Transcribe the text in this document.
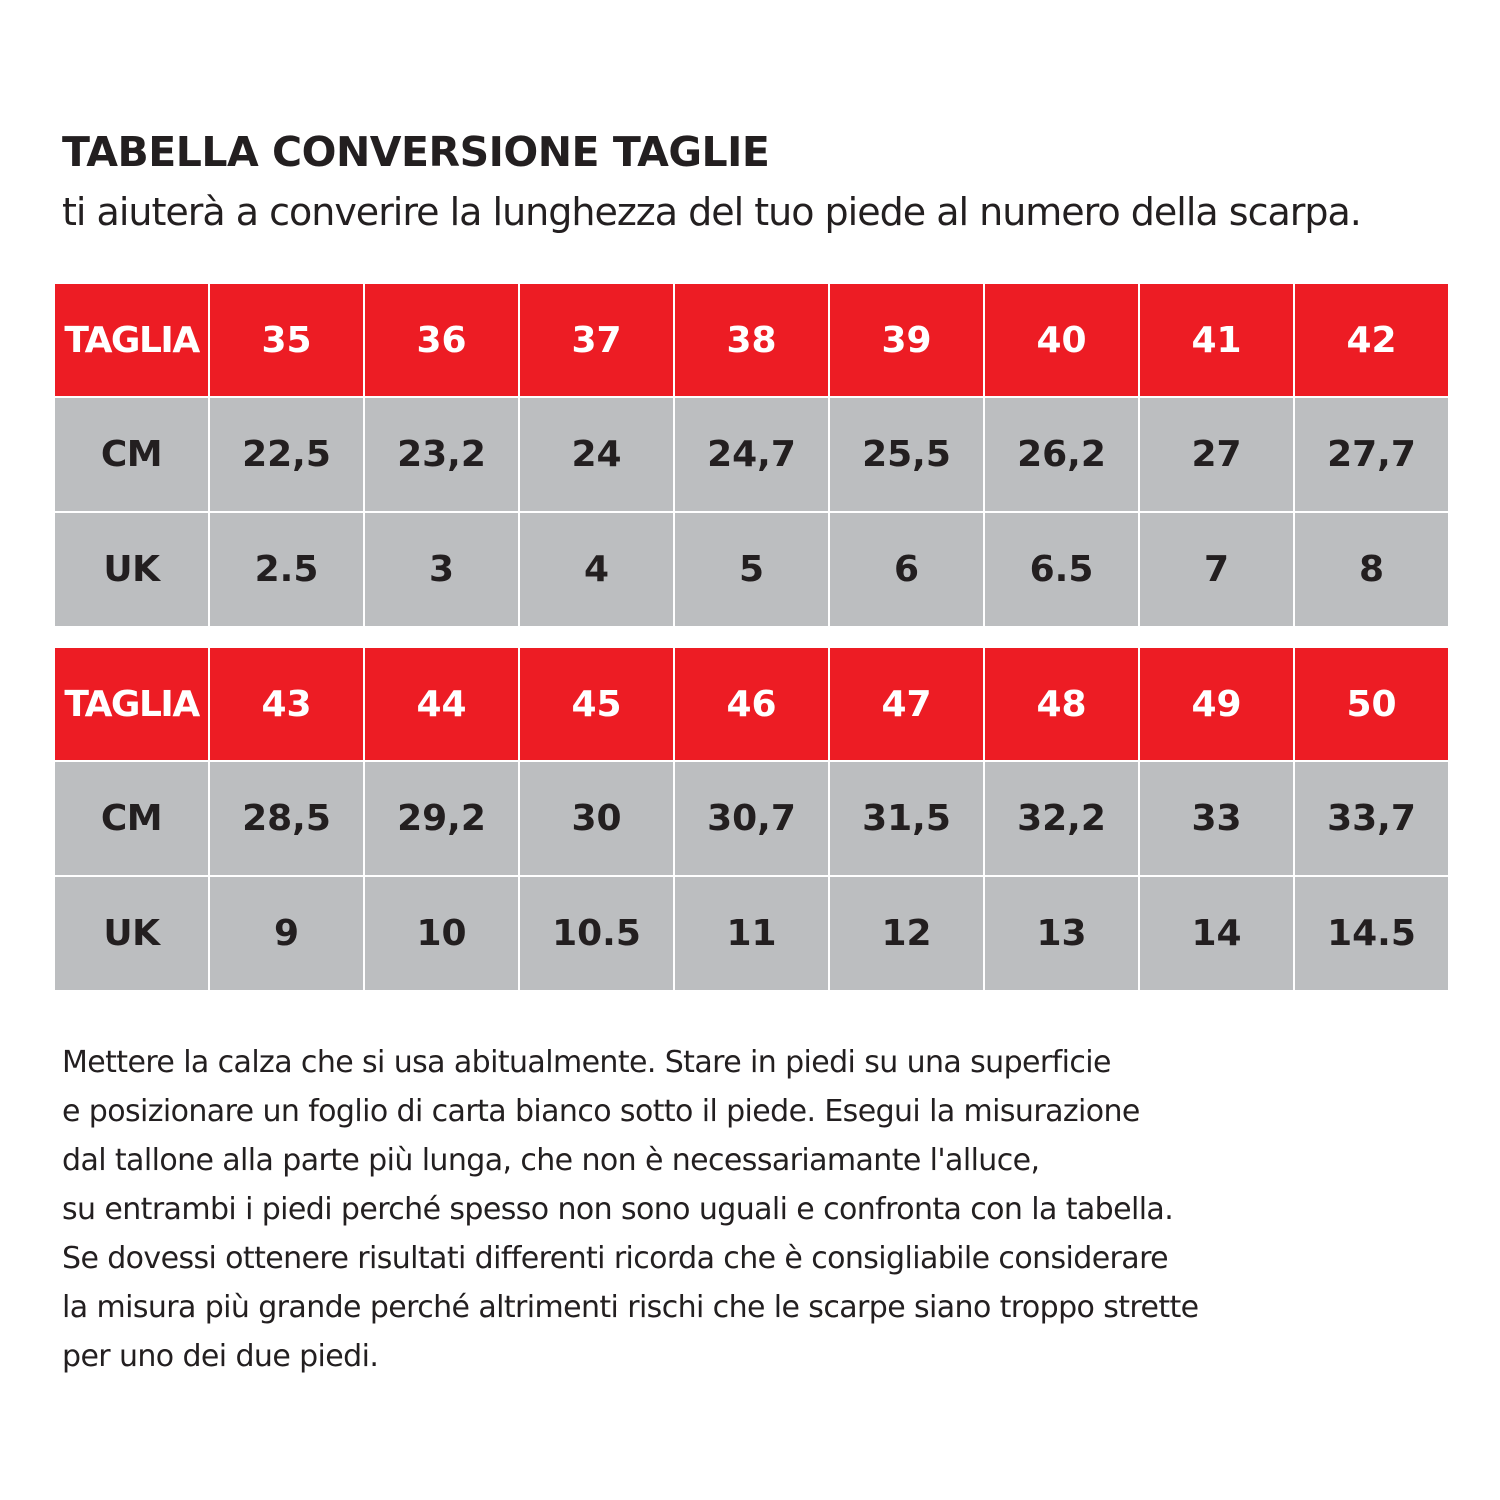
TABELLA CONVERSIONE TAGLIE
ti aiuterà a converire la lunghezza del tuo piede al numero della scarpa.
TAGLIA	35	36	37	38	39	40	41	42
CM	22,5	23,2	24	24,7	25,5	26,2	27	27,7
UK	2.5	3	4	5	6	6.5	7	8
TAGLIA	43	44	45	46	47	48	49	50
CM	28,5	29,2	30	30,7	31,5	32,2	33	33,7
UK	9	10	10.5	11	12	13	14	14.5
Mettere la calza che si usa abitualmente. Stare in piedi su una superficie
e posizionare un foglio di carta bianco sotto il piede. Esegui la misurazione
dal tallone alla parte più lunga, che non è necessariamante l'alluce,
su entrambi i piedi perché spesso non sono uguali e confronta con la tabella.
Se dovessi ottenere risultati differenti ricorda che è consigliabile considerare
la misura più grande perché altrimenti rischi che le scarpe siano troppo strette
per uno dei due piedi.
